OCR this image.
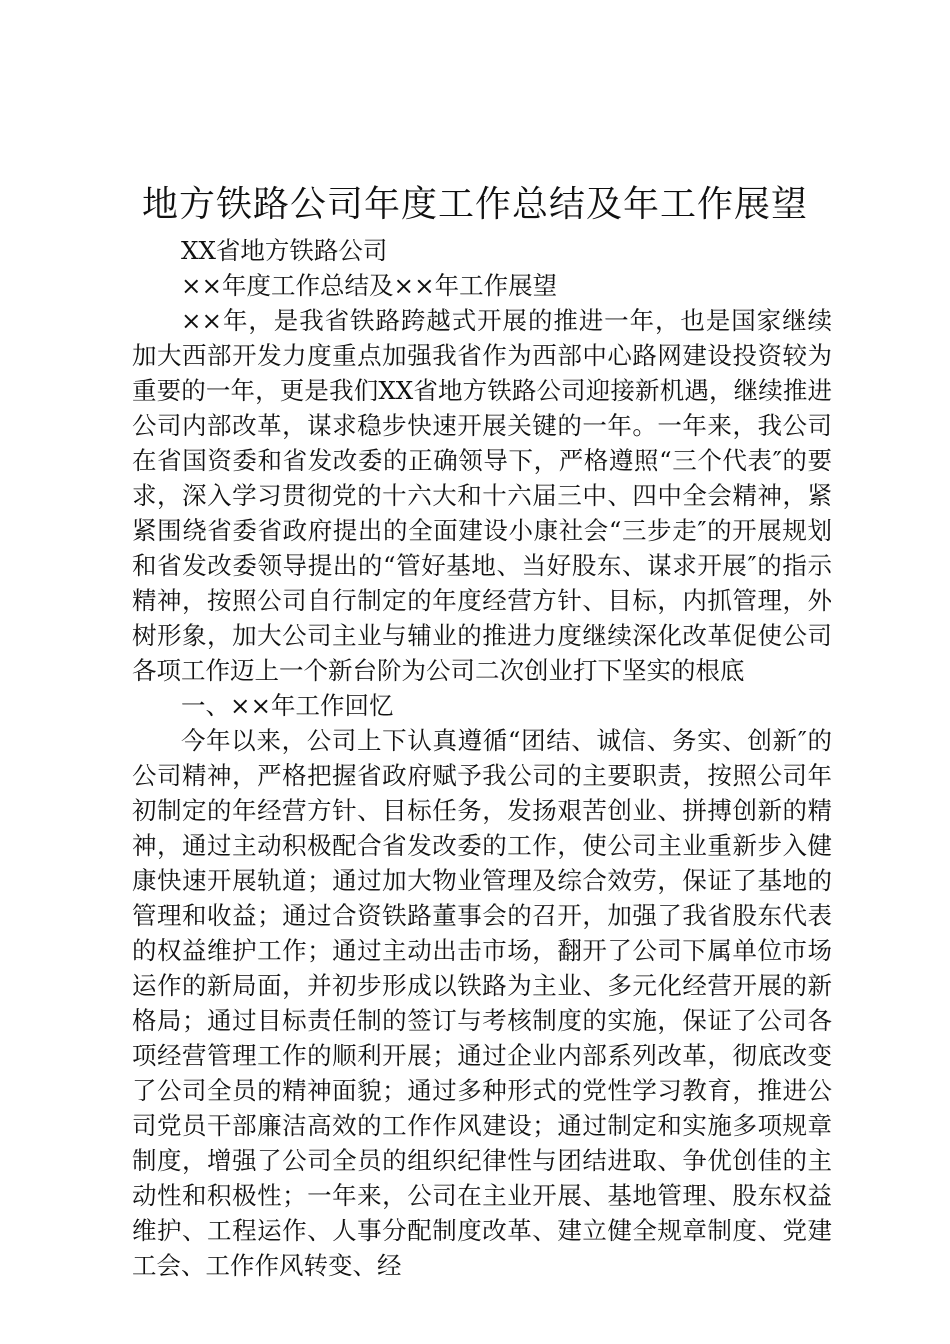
地方铁路公司年度工作总结及年工作展望

XX省地方铁路公司

××年度工作总结及××年工作展望

××年，是我省铁路跨越式开展的推进一年，也是国家继续加大西部开发力度重点加强我省作为西部中心路网建设投资较为重要的一年，更是我们XX省地方铁路公司迎接新机遇，继续推进公司内部改革，谋求稳步快速开展关键的一年。一年来，我公司在省国资委和省发改委的正确领导下，严格遵照“三个代表″的要求，深入学习贯彻党的十六大和十六届三中、四中全会精神，紧紧围绕省委省政府提出的全面建设小康社会“三步走″的开展规划和省发改委领导提出的“管好基地、当好股东、谋求开展″的指示精神，按照公司自行制定的年度经营方针、目标，内抓管理，外树形象，加大公司主业与辅业的推进力度继续深化改革促使公司各项工作迈上一个新台阶为公司二次创业打下坚实的根底

一、××年工作回忆

今年以来，公司上下认真遵循“团结、诚信、务实、创新″的公司精神，严格把握省政府赋予我公司的主要职责，按照公司年初制定的年经营方针、目标任务，发扬艰苦创业、拼搏创新的精神，通过主动积极配合省发改委的工作，使公司主业重新步入健康快速开展轨道；通过加大物业管理及综合效劳，保证了基地的管理和收益；通过合资铁路董事会的召开，加强了我省股东代表的权益维护工作；通过主动出击市场，翻开了公司下属单位市场运作的新局面，并初步形成以铁路为主业、多元化经营开展的新格局；通过目标责任制的签订与考核制度的实施，保证了公司各项经营管理工作的顺利开展；通过企业内部系列改革，彻底改变了公司全员的精神面貌；通过多种形式的党性学习教育，推进公司党员干部廉洁高效的工作作风建设；通过制定和实施多项规章制度，增强了公司全员的组织纪律性与团结进取、争优创佳的主动性和积极性；一年来，公司在主业开展、基地管理、股东权益维护、工程运作、人事分配制度改革、建立健全规章制度、党建工会、工作作风转变、经
